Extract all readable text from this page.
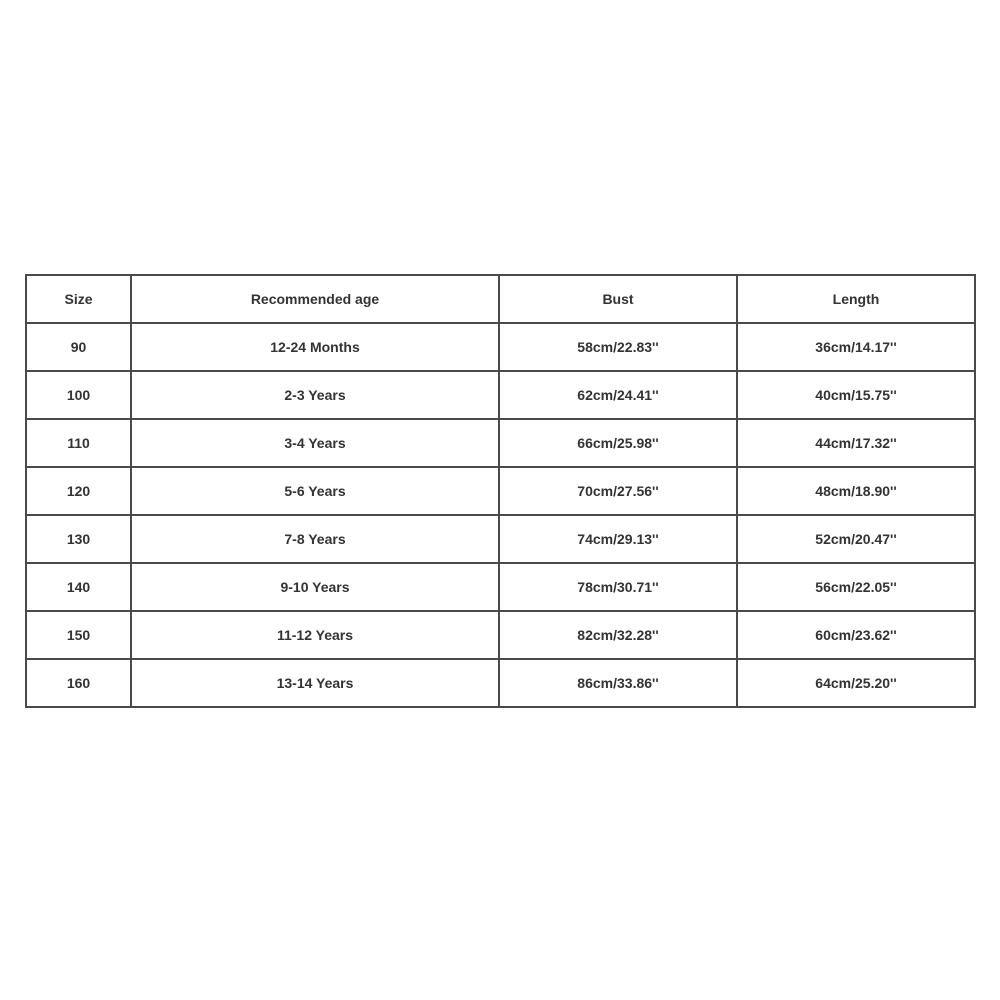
Size	Recommended age	Bust	Length
90	12-24 Months	58cm/22.83''	36cm/14.17''
100	2-3 Years	62cm/24.41''	40cm/15.75''
110	3-4 Years	66cm/25.98''	44cm/17.32''
120	5-6 Years	70cm/27.56''	48cm/18.90''
130	7-8 Years	74cm/29.13''	52cm/20.47''
140	9-10 Years	78cm/30.71''	56cm/22.05''
150	11-12 Years	82cm/32.28''	60cm/23.62''
160	13-14 Years	86cm/33.86''	64cm/25.20''
